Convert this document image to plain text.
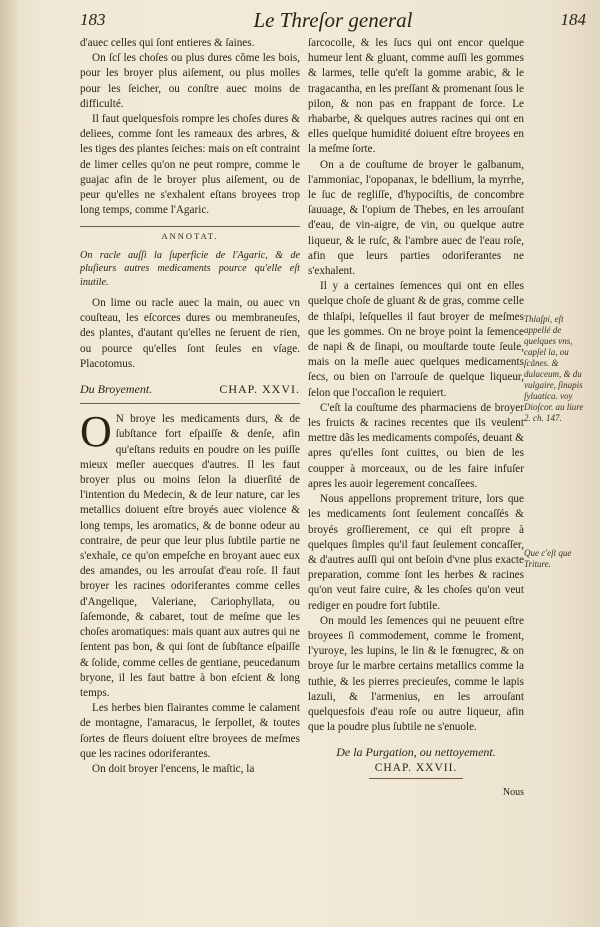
183	Le Threſor general	184

d'auec celles qui ſont entieres & ſaines.

On ſcſ les choſes ou plus dures cõme les bois, pour les broyer plus aiſement, ou plus molles pour les ſeicher, ou conſtre auec moins de difficulté.

Il faut quelquesfois rompre les choſes dures & deliees, comme ſont les rameaux des arbres, & les tiges des plantes ſeiches: mais on eſt contraint de limer celles qu'on ne peut rompre, comme le guajac afin de le broyer plus aiſement, ou de peur qu'elles ne s'exhalent eſtans broyees trop long temps, comme l'Agaric.

ANNOTAT.

On racle auſſi la ſuperficie de l'Agaric, & de pluſieurs autres medicaments pource qu'elle eſt inutile.

On lime ou racle auec la main, ou auec vn couſteau, les eſcorces dures ou membraneuſes, des plantes, d'autant qu'elles ne ſeruent de rien, ou pource qu'elles ſont ſeules en vſage. Placotomus.

Du Broyement.	CHAP. XXVI.

O N broye les medicaments durs, & de ſubſtance fort eſpaiſſe & denſe, afin qu'eſtans reduits en poudre on les puiſſe mieux meſler auecques d'autres. Il les faut broyer plus ou moins ſelon la diuerſité de l'intention du Medecin, & de leur nature, car les metallics doiuent eſtre broyés auec violence & long temps, les aromatics, & de bonne odeur au contraire, de peur que leur plus ſubtile partie ne s'exhale, ce qu'on empeſche en broyant auec eux des amandes, ou les arrouſat d'eau roſe. Il faut broyer les racines odoriferantes comme celles d'Angelique, Valeriane, Cariophyllata, ou ſaſemonde, & cabaret, tout de meſme que les choſes aromatiques: mais quant aux autres qui ne ſentent pas bon, & qui ſont de ſubſtance eſpaiſſe & ſolide, comme celles de gentiane, peucedanum bryone, il les faut battre à bon eſcient & long temps.

Les herbes bien flairantes comme le calament de montagne, l'amaracus, le ſerpollet, & toutes ſortes de fleurs doiuent eſtre broyees de meſmes que les racines odoriferantes.

On doit broyer l'encens, le maſtic, la

ſarcocolle, & les ſucs qui ont encor quelque humeur lent & gluant, comme auſſi les gommes & larmes, telle qu'eſt la gomme arabic, & le tragacantha, en les preſſant & promenant ſous le pilon, & non pas en frappant de force. Le rhabarbe, & quelques autres racines qui ont en elles quelque humidité doiuent eſtre broyees en la meſme ſorte.

On a de couſtume de broyer le galbanum, l'ammoniac, l'opopanax, le bdellium, la myrrhe, le ſuc de regliſſe, d'hypociſtis, de concombre ſauuage, & l'opium de Thebes, en les arrouſant d'eau, de vin-aigre, de vin, ou quelque autre liqueur, & le ruſc, & l'ambre auec de l'eau roſe, afin que leurs parties odoriferantes ne s'exhalent.

Il y a certaines ſemences qui ont en elles quelque choſe de gluant & de gras, comme celle de thlaſpi, leſquelles il faut broyer de meſmes que les gommes. On ne broye point la ſemence de napi & de ſinapi, ou mouſtarde toute ſeule, mais on la meſle auec quelques medicaments ſecs, ou bien on l'arrouſe de quelque liqueur, ſelon que l'occaſion le requiert.

C'eſt la couſtume des pharmaciens de broyer les fruicts & racines recentes que ils veulent mettre dãs les medicaments compoſés, deuant & apres qu'elles ſont cuittes, ou bien de les coupper à morceaux, ou de les faire infuſer apres les auoir legerement concaſſees.

Nous appellons proprement triture, lors que les medicaments ſont ſeulement concaſſés & broyés groſſierement, ce qui eſt propre à quelques ſimples qu'il faut ſeulement concaſſer, & d'autres auſſi qui ont beſoin d'vne plus exacte preparation, comme ſont les herbes & racines qu'on veut faire cuire, & les choſes qu'on veut rediger en poudre fort ſubtile.

On mould les ſemences qui ne peuuent eſtre broyees ſi commodement, comme le froment, l'yuroye, les lupins, le lin & le fœnugrec, & on broye ſur le marbre certains metallics comme la tuthie, & les pierres precieuſes, comme le lapis lazuli, & l'armenius, en les arrouſant quelquesfois d'eau roſe ou autre liqueur, afin que la poudre plus ſubtile ne s'enuole.

De la Purgation, ou nettoyement.

CHAP. XXVII.

Nous

Thlaſpi, eſt appellé de quelques vns, capſel la, ou ſcãnes. & dulaceum, & du vulgaire, ſinapis ſyluatica. voy Dioſcor. au liure 2. ch. 147.
Que c'eſt que Triture.
